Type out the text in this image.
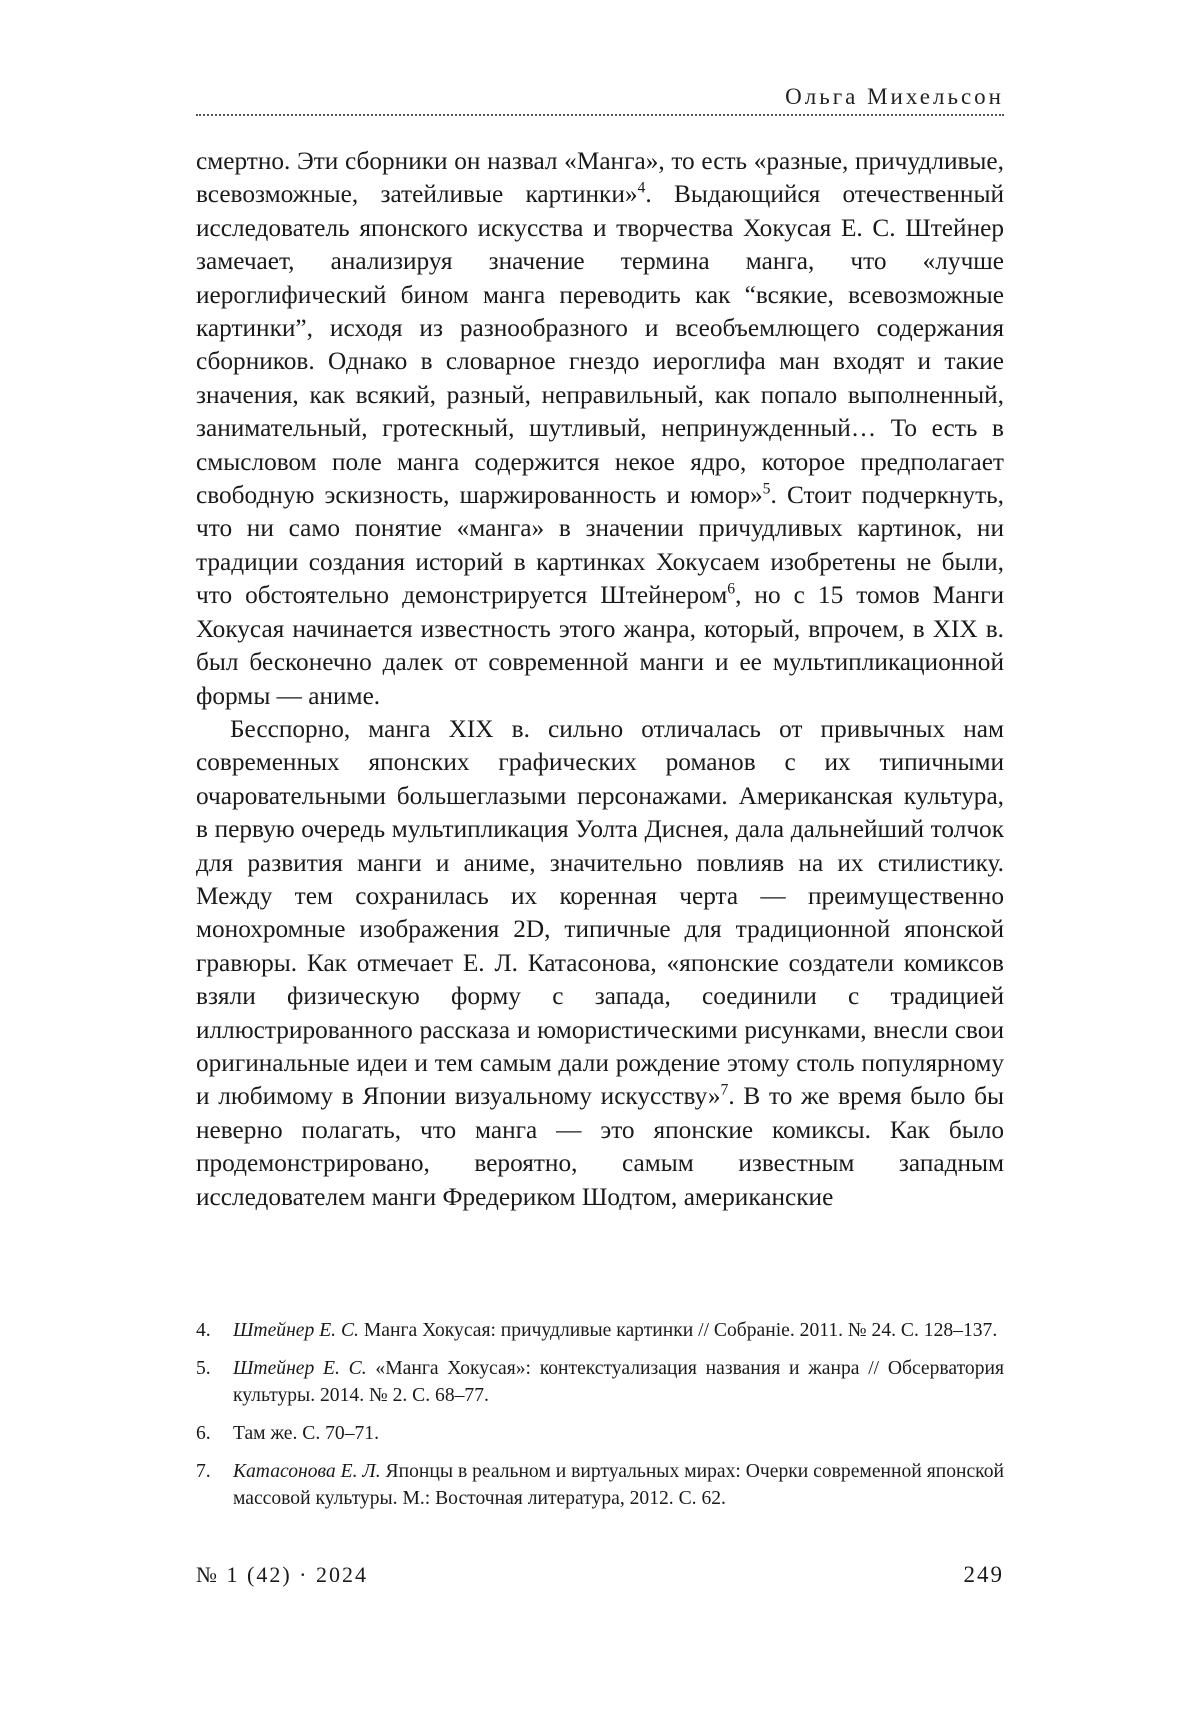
Ольга Михельсон

смертно. Эти сборники он назвал «Манга», то есть «разные, причудливые, всевозможные, затейливые картинки»$^4$. Выдающийся отечественный исследователь японского искусства и творчества Хокусая Е. С. Штейнер замечает, анализируя значение термина манга, что «лучше иероглифический бином манга переводить как “всякие, всевозможные картинки”, исходя из разнообразного и всеобъемлющего содержания сборников. Однако в словарное гнездо иероглифа ман входят и такие значения, как всякий, разный, неправильный, как попало выполненный, занимательный, гротескный, шутливый, непринужденный… То есть в смысловом поле манга содержится некое ядро, которое предполагает свободную эскизность, шаржированность и юмор»$^5$. Стоит подчеркнуть, что ни само понятие «манга» в значении причудливых картинок, ни традиции создания историй в картинках Хокусаем изобретены не были, что обстоятельно демонстрируется Штейнером$^6$, но с 15 томов Манги Хокусая начинается известность этого жанра, который, впрочем, в XIX в. был бесконечно далек от современной манги и ее мультипликационной формы — аниме.

Бесспорно, манга XIX в. сильно отличалась от привычных нам современных японских графических романов с их типичными очаровательными большеглазыми персонажами. Американская культура, в первую очередь мультипликация Уолта Диснея, дала дальнейший толчок для развития манги и аниме, значительно повлияв на их стилистику. Между тем сохранилась их коренная черта — преимущественно монохромные изображения 2D, типичные для традиционной японской гравюры. Как отмечает Е. Л. Катасонова, «японские создатели комиксов взяли физическую форму с запада, соединили с традицией иллюстрированного рассказа и юмористическими рисунками, внесли свои оригинальные идеи и тем самым дали рождение этому столь популярному и любимому в Японии визуальному искусству»$^7$. В то же время было бы неверно полагать, что манга — это японские комиксы. Как было продемонстрировано, вероятно, самым известным западным исследователем манги Фредериком Шодтом, американские

4.	Штейнер Е. С. Манга Хокусая: причудливые картинки // Собранiе. 2011. № 24. С. 128–137.
5.	Штейнер Е. С. «Манга Хокусая»: контекстуализация названия и жанра // Обсерватория культуры. 2014. № 2. С. 68–77.
6.	Там же. С. 70–71.
7.	Катасонова Е. Л. Японцы в реальном и виртуальных мирах: Очерки современной японской массовой культуры. М.: Восточная литература, 2012. С. 62.
№ 1 (42) · 2024	249
